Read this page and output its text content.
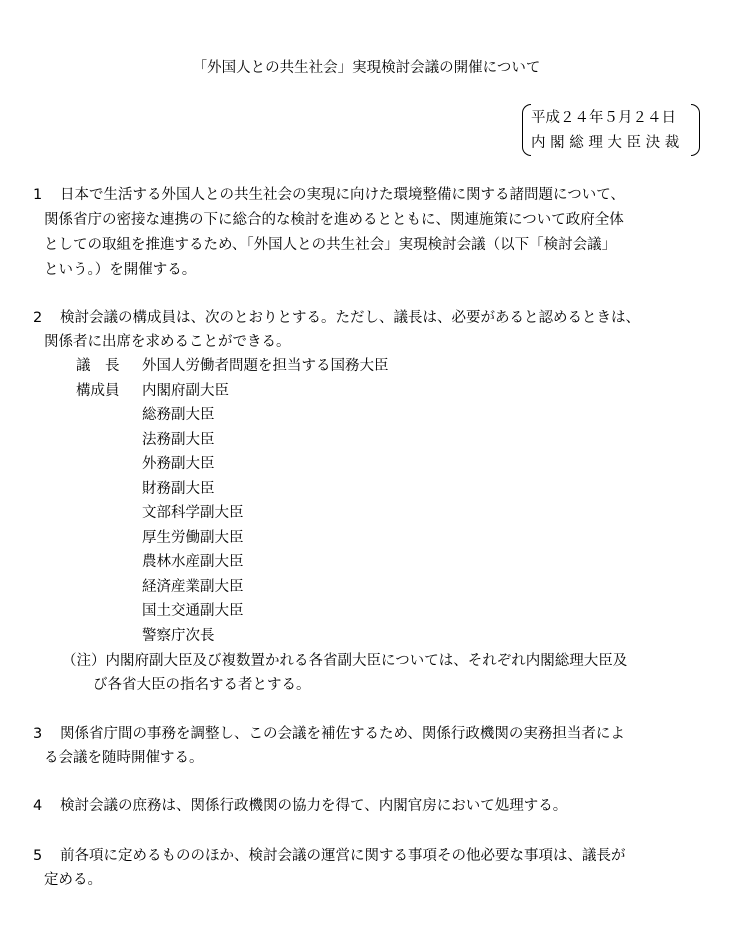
「外国人との共生社会」実現検討会議の開催について
平成２４年５月２４日
内 閣 総 理 大 臣 決 裁
1 日本で生活する外国人との共生社会の実現に向けた環境整備に関する諸問題について、
関係省庁の密接な連携の下に総合的な検討を進めるとともに、関連施策について政府全体
としての取組を推進するため、「外国人との共生社会」実現検討会議（以下「検討会議」
という。）を開催する。
2 検討会議の構成員は、次のとおりとする。ただし、議長は、必要があると認めるときは、
関係者に出席を求めることができる。
議　長 外国人労働者問題を担当する国務大臣
構成員 内閣府副大臣
総務副大臣
法務副大臣
外務副大臣
財務副大臣
文部科学副大臣
厚生労働副大臣
農林水産副大臣
経済産業副大臣
国土交通副大臣
警察庁次長
（注）内閣府副大臣及び複数置かれる各省副大臣については、それぞれ内閣総理大臣及
び各省大臣の指名する者とする。
3 関係省庁間の事務を調整し、この会議を補佐するため、関係行政機関の実務担当者によ
る会議を随時開催する。
4 検討会議の庶務は、関係行政機関の協力を得て、内閣官房において処理する。
5 前各項に定めるもののほか、検討会議の運営に関する事項その他必要な事項は、議長が
定める。
